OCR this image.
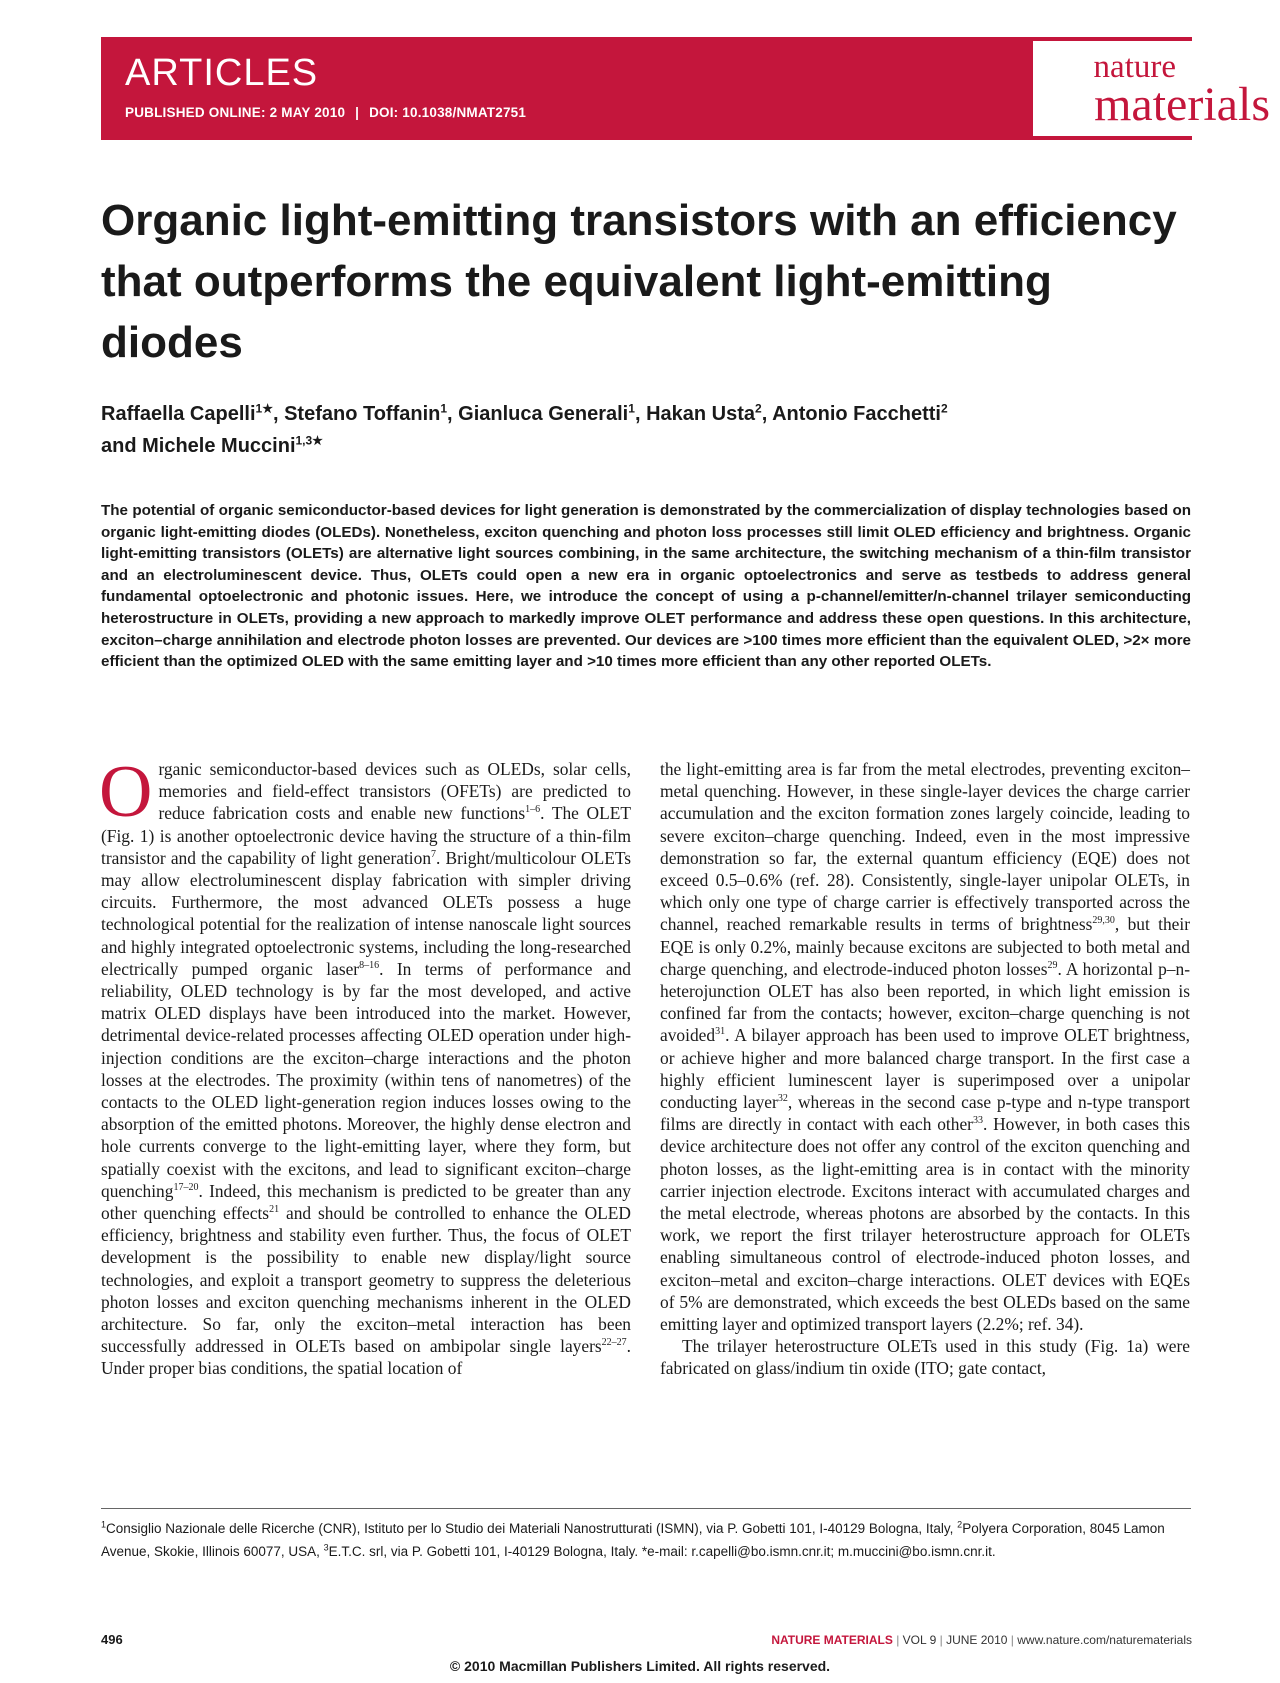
ARTICLES
PUBLISHED ONLINE: 2 MAY 2010 | DOI: 10.1038/NMAT2751
nature
materials
Organic light-emitting transistors with an efficiency that outperforms the equivalent light-emitting diodes

Raffaella Capelli$^{1★}$, Stefano Toffanin$^1$, Gianluca Generali$^1$, Hakan Usta$^2$, Antonio Facchetti$^2$
and Michele Muccini$^{1,3★}$

The potential of organic semiconductor-based devices for light generation is demonstrated by the commercialization of display technologies based on organic light-emitting diodes (OLEDs). Nonetheless, exciton quenching and photon loss processes still limit OLED efficiency and brightness. Organic light-emitting transistors (OLETs) are alternative light sources combining, in the same architecture, the switching mechanism of a thin-film transistor and an electroluminescent device. Thus, OLETs could open a new era in organic optoelectronics and serve as testbeds to address general fundamental optoelectronic and photonic issues. Here, we introduce the concept of using a p-channel/emitter/n-channel trilayer semiconducting heterostructure in OLETs, providing a new approach to markedly improve OLET performance and address these open questions. In this architecture, exciton–charge annihilation and electrode photon losses are prevented. Our devices are >100 times more efficient than the equivalent OLED, >2× more efficient than the optimized OLED with the same emitting layer and >10 times more efficient than any other reported OLETs.

Organic semiconductor-based devices such as OLEDs, solar cells, memories and field-effect transistors (OFETs) are predicted to reduce fabrication costs and enable new functions$^{1-6}$. The OLET (Fig. 1) is another optoelectronic device having the structure of a thin-film transistor and the capability of light generation$^7$. Bright/multicolour OLETs may allow electroluminescent display fabrication with simpler driving circuits. Furthermore, the most advanced OLETs possess a huge technological potential for the realization of intense nanoscale light sources and highly integrated optoelectronic systems, including the long-researched electrically pumped organic laser$^{8-16}$. In terms of performance and reliability, OLED technology is by far the most developed, and active matrix OLED displays have been introduced into the market. However, detrimental device-related processes affecting OLED operation under high-injection conditions are the exciton–charge interactions and the photon losses at the electrodes. The proximity (within tens of nanometres) of the contacts to the OLED light-generation region induces losses owing to the absorption of the emitted photons. Moreover, the highly dense electron and hole currents converge to the light-emitting layer, where they form, but spatially coexist with the excitons, and lead to significant exciton–charge quenching$^{17-20}$. Indeed, this mechanism is predicted to be greater than any other quenching effects$^{21}$ and should be controlled to enhance the OLED efficiency, brightness and stability even further. Thus, the focus of OLET development is the possibility to enable new display/light source technologies, and exploit a transport geometry to suppress the deleterious photon losses and exciton quenching mechanisms inherent in the OLED architecture. So far, only the exciton–metal interaction has been successfully addressed in OLETs based on ambipolar single layers$^{22-27}$. Under proper bias conditions, the spatial location of

the light-emitting area is far from the metal electrodes, preventing exciton–metal quenching. However, in these single-layer devices the charge carrier accumulation and the exciton formation zones largely coincide, leading to severe exciton–charge quenching. Indeed, even in the most impressive demonstration so far, the external quantum efficiency (EQE) does not exceed 0.5–0.6% (ref. 28). Consistently, single-layer unipolar OLETs, in which only one type of charge carrier is effectively transported across the channel, reached remarkable results in terms of brightness$^{29,30}$, but their EQE is only 0.2%, mainly because excitons are subjected to both metal and charge quenching, and electrode-induced photon losses$^{29}$. A horizontal p–n-heterojunction OLET has also been reported, in which light emission is confined far from the contacts; however, exciton–charge quenching is not avoided$^{31}$. A bilayer approach has been used to improve OLET brightness, or achieve higher and more balanced charge transport. In the first case a highly efficient luminescent layer is superimposed over a unipolar conducting layer$^{32}$, whereas in the second case p-type and n-type transport films are directly in contact with each other$^{33}$. However, in both cases this device architecture does not offer any control of the exciton quenching and photon losses, as the light-emitting area is in contact with the minority carrier injection electrode. Excitons interact with accumulated charges and the metal electrode, whereas photons are absorbed by the contacts. In this work, we report the first trilayer heterostructure approach for OLETs enabling simultaneous control of electrode-induced photon losses, and exciton–metal and exciton–charge interactions. OLET devices with EQEs of 5% are demonstrated, which exceeds the best OLEDs based on the same emitting layer and optimized transport layers (2.2%; ref. 34).

The trilayer heterostructure OLETs used in this study (Fig. 1a) were fabricated on glass/indium tin oxide (ITO; gate contact,

$^1$Consiglio Nazionale delle Ricerche (CNR), Istituto per lo Studio dei Materiali Nanostrutturati (ISMN), via P. Gobetti 101, I-40129 Bologna, Italy, $^2$Polyera Corporation, 8045 Lamon Avenue, Skokie, Illinois 60077, USA, $^3$E.T.C. srl, via P. Gobetti 101, I-40129 Bologna, Italy. *e-mail: r.capelli@bo.ismn.cnr.it; m.muccini@bo.ismn.cnr.it.

496	NATURE MATERIALS | VOL 9 | JUNE 2010 | www.nature.com/naturematerials
© 2010 Macmillan Publishers Limited. All rights reserved.
